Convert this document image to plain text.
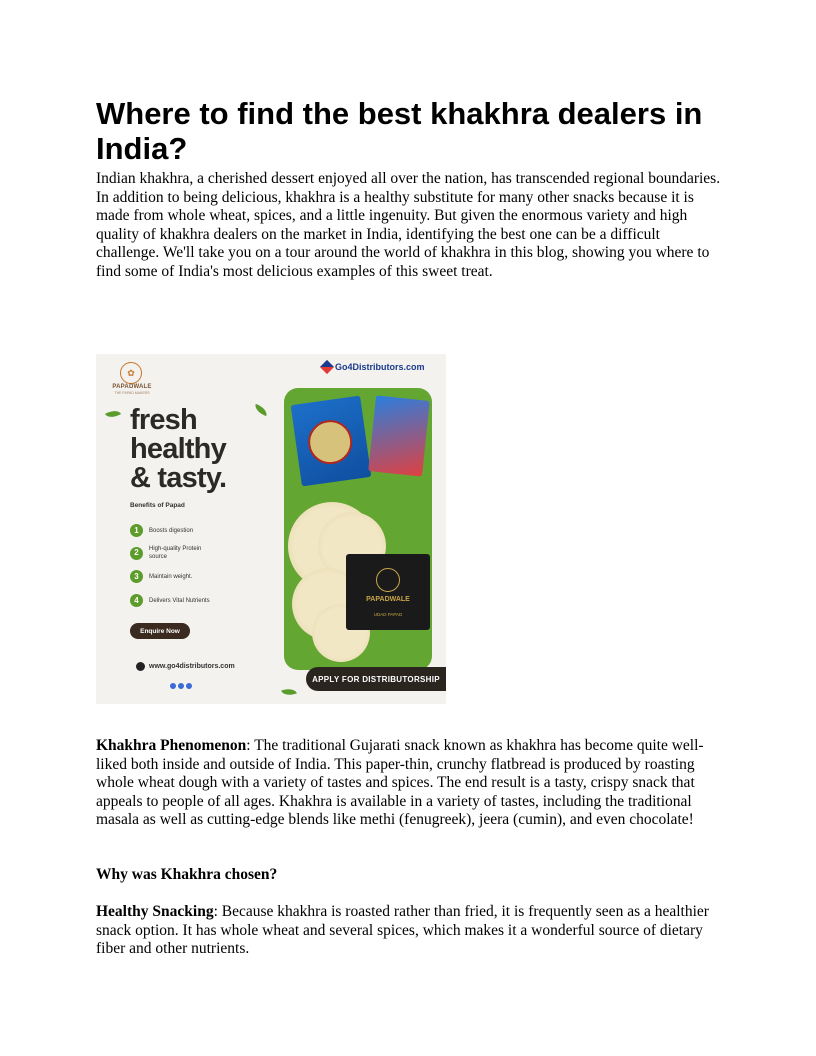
Where to find the best khakhra dealers in India?

Indian khakhra, a cherished dessert enjoyed all over the nation, has transcended regional boundaries. In addition to being delicious, khakhra is a healthy substitute for many other snacks because it is made from whole wheat, spices, and a little ingenuity. But given the enormous variety and high quality of khakhra dealers on the market in India, identifying the best one can be a difficult challenge. We'll take you on a tour around the world of khakhra in this blog, showing you where to find some of India's most delicious examples of this sweet treat.

✿
PAPADWALE
THE PAPAD MAKERS
Go4Distributors.com
fresh
healthy
& tasty.
Benefits of Papad
1	Boosts digestion
2	High-quality Protein source
3	Maintain weight.
4	Delivers Vital Nutrients
Enquire Now
www.go4distributors.com
PAPADWALE
UDAD PAPAD
APPLY FOR DISTRIBUTORSHIP

Khakhra Phenomenon: The traditional Gujarati snack known as khakhra has become quite well-liked both inside and outside of India. This paper-thin, crunchy flatbread is produced by roasting whole wheat dough with a variety of tastes and spices. The end result is a tasty, crispy snack that appeals to people of all ages. Khakhra is available in a variety of tastes, including the traditional masala as well as cutting-edge blends like methi (fenugreek), jeera (cumin), and even chocolate!

Why was Khakhra chosen?

Healthy Snacking: Because khakhra is roasted rather than fried, it is frequently seen as a healthier snack option. It has whole wheat and several spices, which makes it a wonderful source of dietary fiber and other nutrients.
